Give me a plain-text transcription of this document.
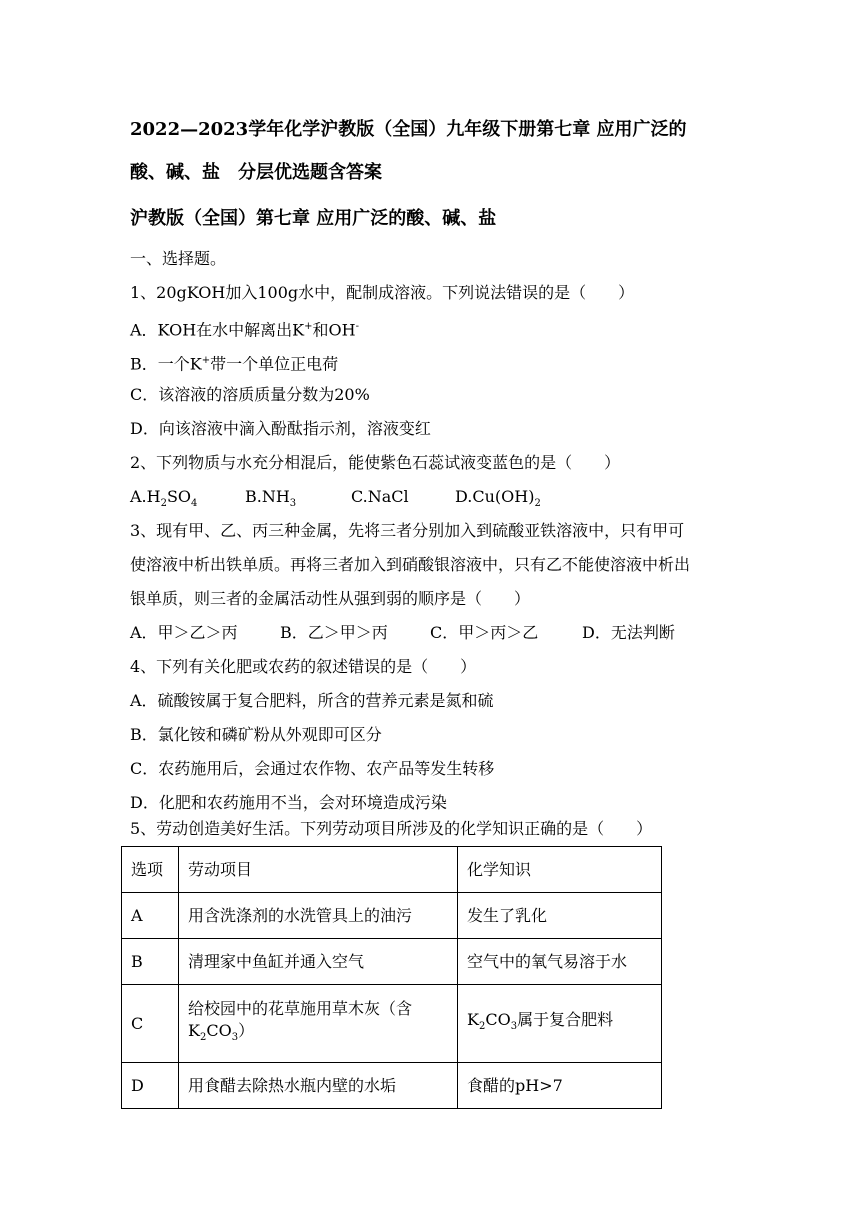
2022—2023学年化学沪教版（全国）九年级下册第七章 应用广泛的
酸、碱、盐　分层优选题含答案
沪教版（全国）第七章 应用广泛的酸、碱、盐
一、选择题。
1、20gKOH加入100g水中，配制成溶液。下列说法错误的是（　　）
A．KOH在水中解离出K+和OH-
B．一个K+带一个单位正电荷
C．该溶液的溶质质量分数为20%
D．向该溶液中滴入酚酞指示剂，溶液变红
2、下列物质与水充分相混后，能使紫色石蕊试液变蓝色的是（　　）
$A.H_2SO_4$	$B.NH_3$	C.NaCl	$D.Cu(OH)_2$
3、现有甲、乙、丙三种金属，先将三者分别加入到硫酸亚铁溶液中，只有甲可
使溶液中析出铁单质。再将三者加入到硝酸银溶液中，只有乙不能使溶液中析出
银单质，则三者的金属活动性从强到弱的顺序是（　　）
A．甲＞乙＞丙	B．乙＞甲＞丙	C．甲＞丙＞乙	D．无法判断
4、下列有关化肥或农药的叙述错误的是（　　）
A．硫酸铵属于复合肥料，所含的营养元素是氮和硫
B．氯化铵和磷矿粉从外观即可区分
C．农药施用后，会通过农作物、农产品等发生转移
D．化肥和农药施用不当，会对环境造成污染
5、劳动创造美好生活。下列劳动项目所涉及的化学知识正确的是（　　）
选项	劳动项目	化学知识
A	用含洗涤剂的水洗管具上的油污	发生了乳化
B	清理家中鱼缸并通入空气	空气中的氧气易溶于水
C	给校园中的花草施用草木灰（含
$K_2CO_3$）	$K_2CO_3$属于复合肥料
D	用食醋去除热水瓶内壁的水垢	食醋的pH>7
